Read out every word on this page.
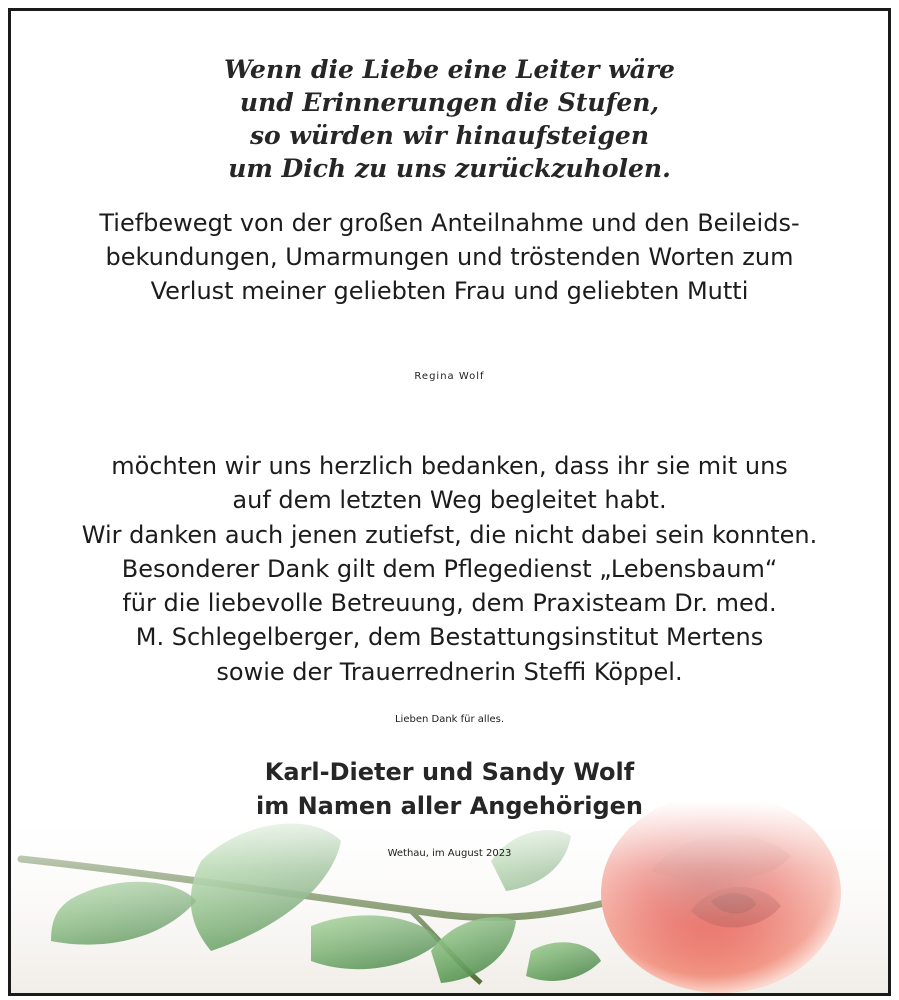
Wenn die Liebe eine Leiter wäre
und Erinnerungen die Stufen,
so würden wir hinaufsteigen
um Dich zu uns zurückzuholen.
Tiefbewegt von der großen Anteilnahme und den Beileids-
bekundungen, Umarmungen und tröstenden Worten zum
Verlust meiner geliebten Frau und geliebten Mutti
Regina Wolf
möchten wir uns herzlich bedanken, dass ihr sie mit uns
auf dem letzten Weg begleitet habt.
Wir danken auch jenen zutiefst, die nicht dabei sein konnten.
Besonderer Dank gilt dem Pflegedienst „Lebensbaum“
für die liebevolle Betreuung, dem Praxisteam Dr. med.
M. Schlegelberger, dem Bestattungsinstitut Mertens
sowie der Trauerrednerin Steffi Köppel.
Lieben Dank für alles.
Karl-Dieter und Sandy Wolf
im Namen aller Angehörigen
Wethau, im August 2023
